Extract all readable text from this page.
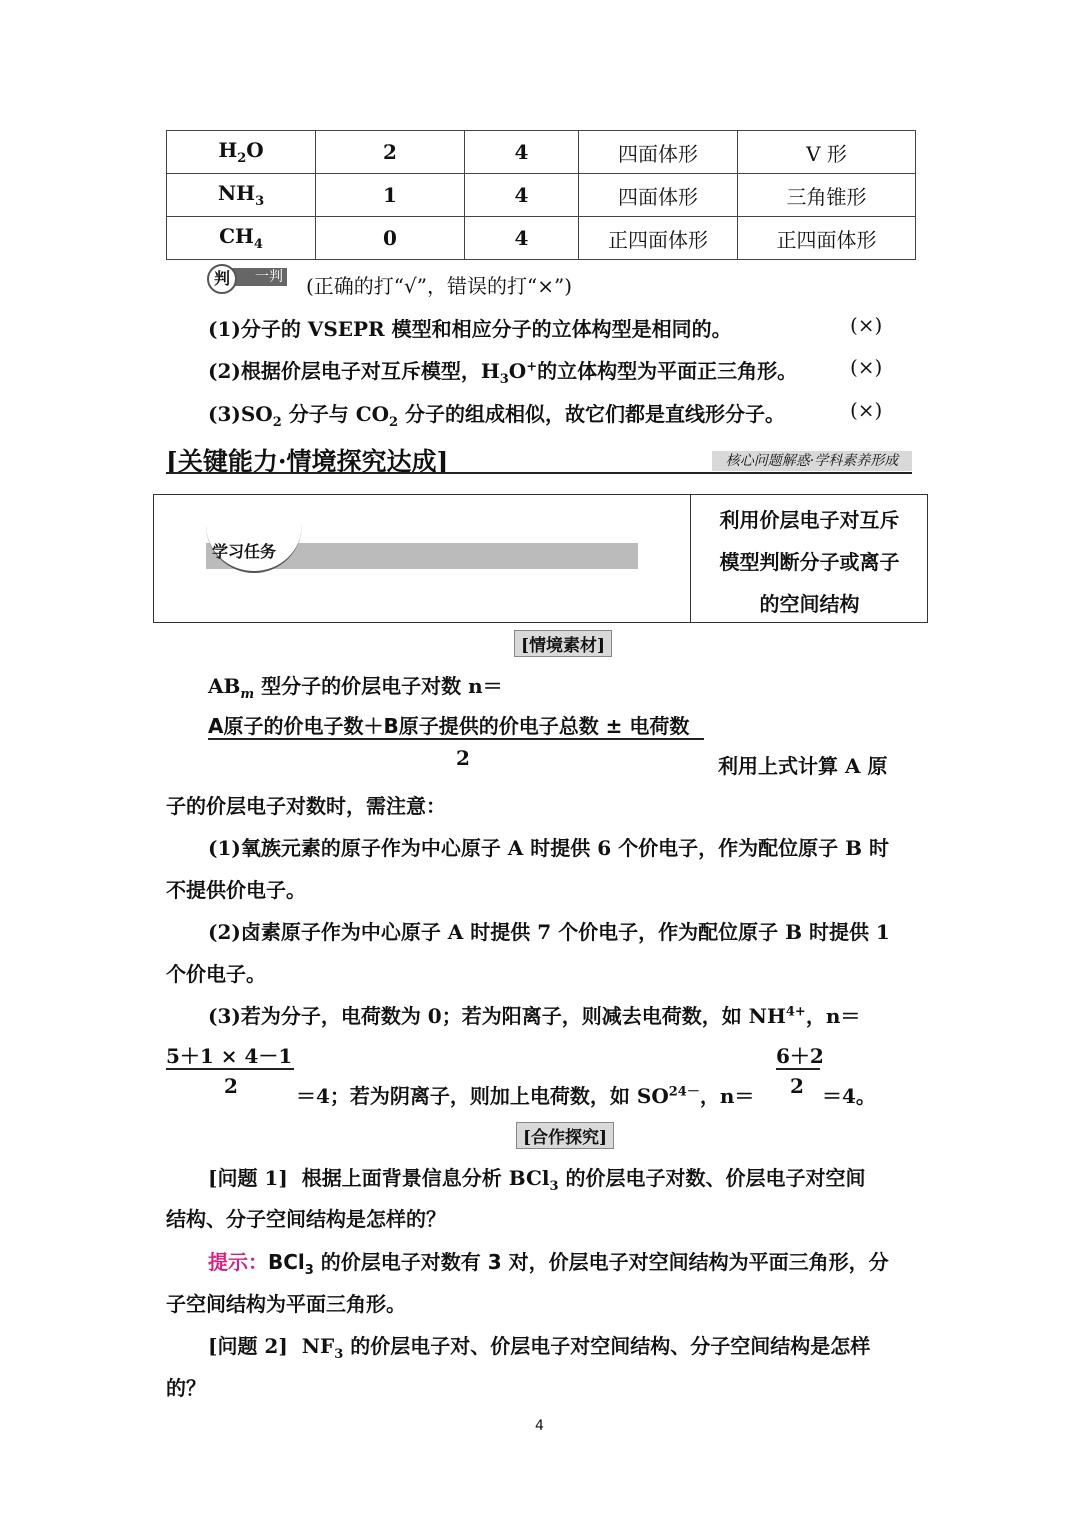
$H_2O$	2	4	四面体形	V 形
$NH_3$	1	4	四面体形	三角锥形
$CH_4$	0	4	正四面体形	正四面体形
判	一判 (正确的打“√”，错误的打“×”)
(1)分子的 VSEPR 模型和相应分子的立体构型是相同的。	(×)
(2)根据价层电子对互斥模型，$H_3O^+$的立体构型为平面正三角形。	(×)
$(3)SO_2$ 分子与 $CO_2$ 分子的组成相似，故它们都是直线形分子。	(×)
[关键能力·情境探究达成]	核心问题解惑·学科素养形成
学习任务
利用价层电子对互斥
模型判断分子或离子
的空间结构
[情境素材]
$AB_m$ 型分子的价层电子对数 n＝
A原子的价电子数＋B原子提供的价电子总数 ± 电荷数
2	利用上式计算 A 原
子的价层电子对数时，需注意：
(1)氧族元素的原子作为中心原子 A 时提供 6 个价电子，作为配位原子 B 时
不提供价电子。
(2)卤素原子作为中心原子 A 时提供 7 个价电子，作为配位原子 B 时提供 1
个价电子。
(3)若为分子，电荷数为 0；若为阳离子，则减去电荷数，如 $NH^{4+}$，n＝
5＋1 × 4－1
2	＝4；若为阴离子，则加上电荷数，如 $SO^{24-}$，n＝
6＋2
2 ＝4。
[合作探究]
[问题 1] 根据上面背景信息分析 BCl$_3$ 的价层电子对数、价层电子对空间
结构、分子空间结构是怎样的？
提示：BCl$_3$ 的价层电子对数有 3 对，价层电子对空间结构为平面三角形，分
子空间结构为平面三角形。
[问题 2] $NF_3$ 的价层电子对、价层电子对空间结构、分子空间结构是怎样
的？
4
